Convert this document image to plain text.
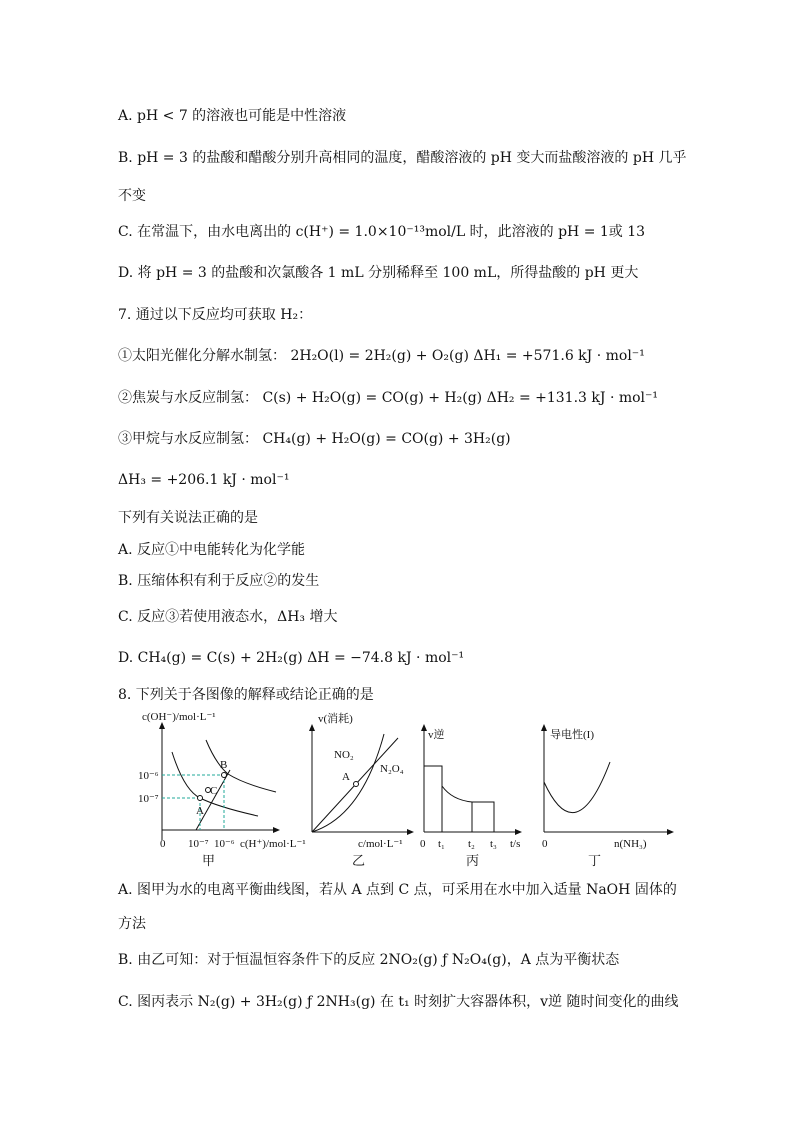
A. pH < 7 的溶液也可能是中性溶液
B. pH = 3 的盐酸和醋酸分别升高相同的温度，醋酸溶液的 pH 变大而盐酸溶液的 pH 几乎
不变
C. 在常温下，由水电离出的 c(H⁺) = 1.0×10⁻¹³mol/L 时，此溶液的 pH = 1或 13
D. 将 pH = 3 的盐酸和次氯酸各 1 mL 分别稀释至 100 mL，所得盐酸的 pH 更大
7. 通过以下反应均可获取 H₂：
①太阳光催化分解水制氢： 2H₂O(l) = 2H₂(g) + O₂(g) ΔH₁ = +571.6 kJ · mol⁻¹
②焦炭与水反应制氢： C(s) + H₂O(g) = CO(g) + H₂(g) ΔH₂ = +131.3 kJ · mol⁻¹
③甲烷与水反应制氢： CH₄(g) + H₂O(g) = CO(g) + 3H₂(g)
ΔH₃ = +206.1 kJ · mol⁻¹
下列有关说法正确的是
A. 反应①中电能转化为化学能
B. 压缩体积有利于反应②的发生
C. 反应③若使用液态水，ΔH₃ 增大
D. CH₄(g) = C(s) + 2H₂(g) ΔH = −74.8 kJ · mol⁻¹
8. 下列关于各图像的解释或结论正确的是
c(OH⁻)/mol·L⁻¹
10⁻⁶
10⁻⁷
0 10⁻⁷ 10⁻⁶ c(H⁺)/mol·L⁻¹
A
B
C
甲
v(消耗)
NO₂
N₂O₄
A
c/mol·L⁻¹
乙
v逆
0 t₁ t₂ t₃ t/s
丙
导电性(I)
0	n(NH₃)
丁
A. 图甲为水的电离平衡曲线图，若从 A 点到 C 点，可采用在水中加入适量 NaOH 固体的
方法
B. 由乙可知：对于恒温恒容条件下的反应 2NO₂(g) ƒ N₂O₄(g)，A 点为平衡状态
C. 图丙表示 N₂(g) + 3H₂(g) ƒ 2NH₃(g) 在 t₁ 时刻扩大容器体积，v逆 随时间变化的曲线
